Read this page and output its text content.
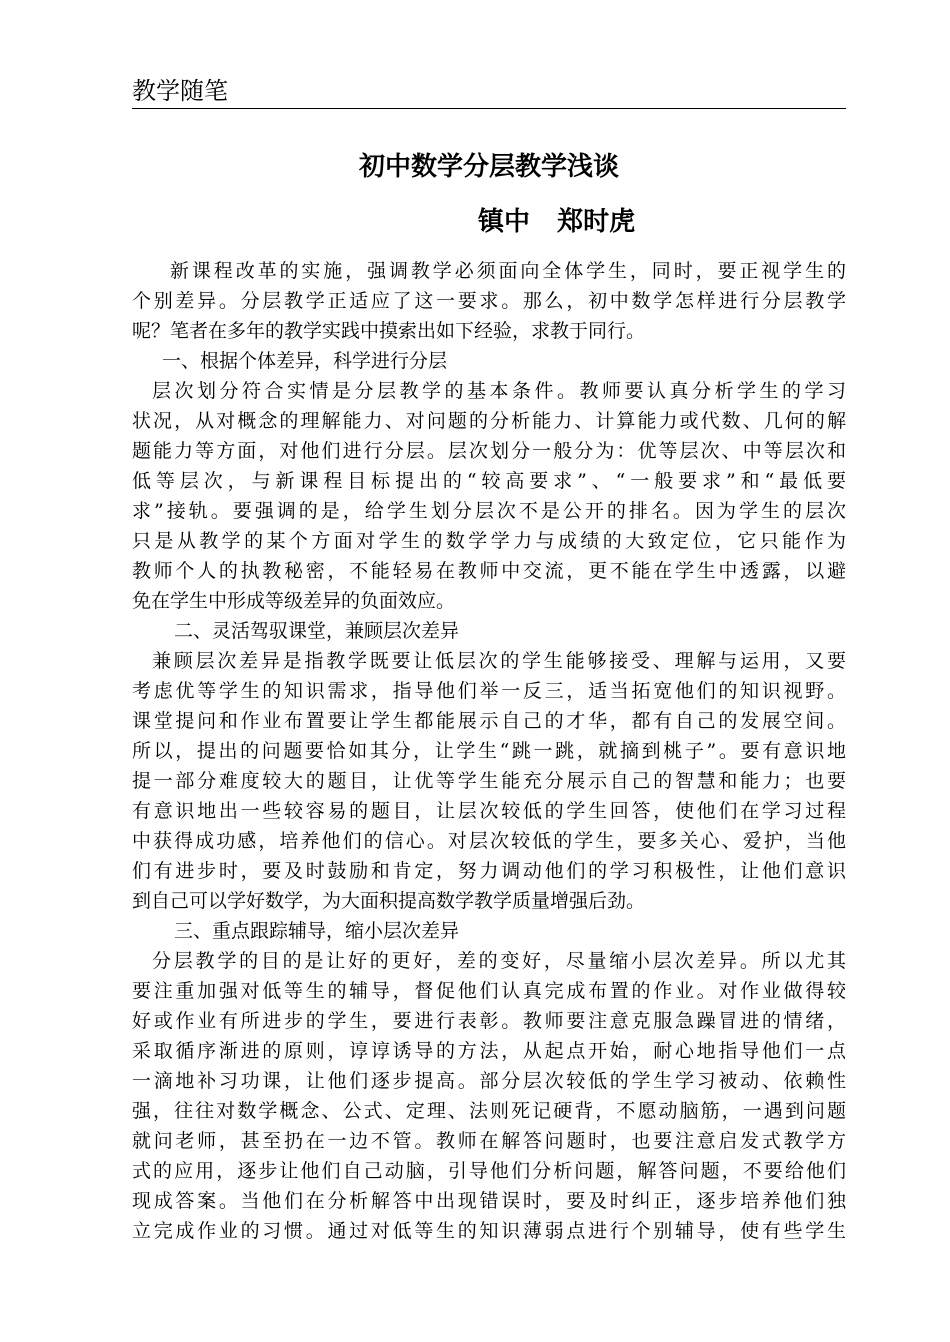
教学随笔
初中数学分层教学浅谈
镇中   郑时虎
新课程改革的实施，强调教学必须面向全体学生，同时，要正视学生的
个别差异。分层教学正适应了这一要求。那么，初中数学怎样进行分层教学
呢？笔者在多年的教学实践中摸索出如下经验，求教于同行。
一、根据个体差异，科学进行分层
层次划分符合实情是分层教学的基本条件。教师要认真分析学生的学习
状况，从对概念的理解能力、对问题的分析能力、计算能力或代数、几何的解
题能力等方面，对他们进行分层。层次划分一般分为：优等层次、中等层次和
低等层次，与新课程目标提出的“较高要求”、“一般要求”和“最低要
求”接轨。要强调的是，给学生划分层次不是公开的排名。因为学生的层次
只是从教学的某个方面对学生的数学学力与成绩的大致定位，它只能作为
教师个人的执教秘密，不能轻易在教师中交流，更不能在学生中透露，以避
免在学生中形成等级差异的负面效应。
二、灵活驾驭课堂，兼顾层次差异
兼顾层次差异是指教学既要让低层次的学生能够接受、理解与运用，又要
考虑优等学生的知识需求，指导他们举一反三，适当拓宽他们的知识视野。
课堂提问和作业布置要让学生都能展示自己的才华，都有自己的发展空间。
所以，提出的问题要恰如其分，让学生“跳一跳，就摘到桃子”。要有意识地
提一部分难度较大的题目，让优等学生能充分展示自己的智慧和能力；也要
有意识地出一些较容易的题目，让层次较低的学生回答，使他们在学习过程
中获得成功感，培养他们的信心。对层次较低的学生，要多关心、爱护，当他
们有进步时，要及时鼓励和肯定，努力调动他们的学习积极性，让他们意识
到自己可以学好数学，为大面积提高数学教学质量增强后劲。
三、重点跟踪辅导，缩小层次差异
分层教学的目的是让好的更好，差的变好，尽量缩小层次差异。所以尤其
要注重加强对低等生的辅导，督促他们认真完成布置的作业。对作业做得较
好或作业有所进步的学生，要进行表彰。教师要注意克服急躁冒进的情绪，
采取循序渐进的原则，谆谆诱导的方法，从起点开始，耐心地指导他们一点
一滴地补习功课，让他们逐步提高。部分层次较低的学生学习被动、依赖性
强，往往对数学概念、公式、定理、法则死记硬背，不愿动脑筋，一遇到问题
就问老师，甚至扔在一边不管。教师在解答问题时，也要注意启发式教学方
式的应用，逐步让他们自己动脑，引导他们分析问题，解答问题，不要给他们
现成答案。当他们在分析解答中出现错误时，要及时纠正，逐步培养他们独
立完成作业的习惯。通过对低等生的知识薄弱点进行个别辅导，使有些学生
